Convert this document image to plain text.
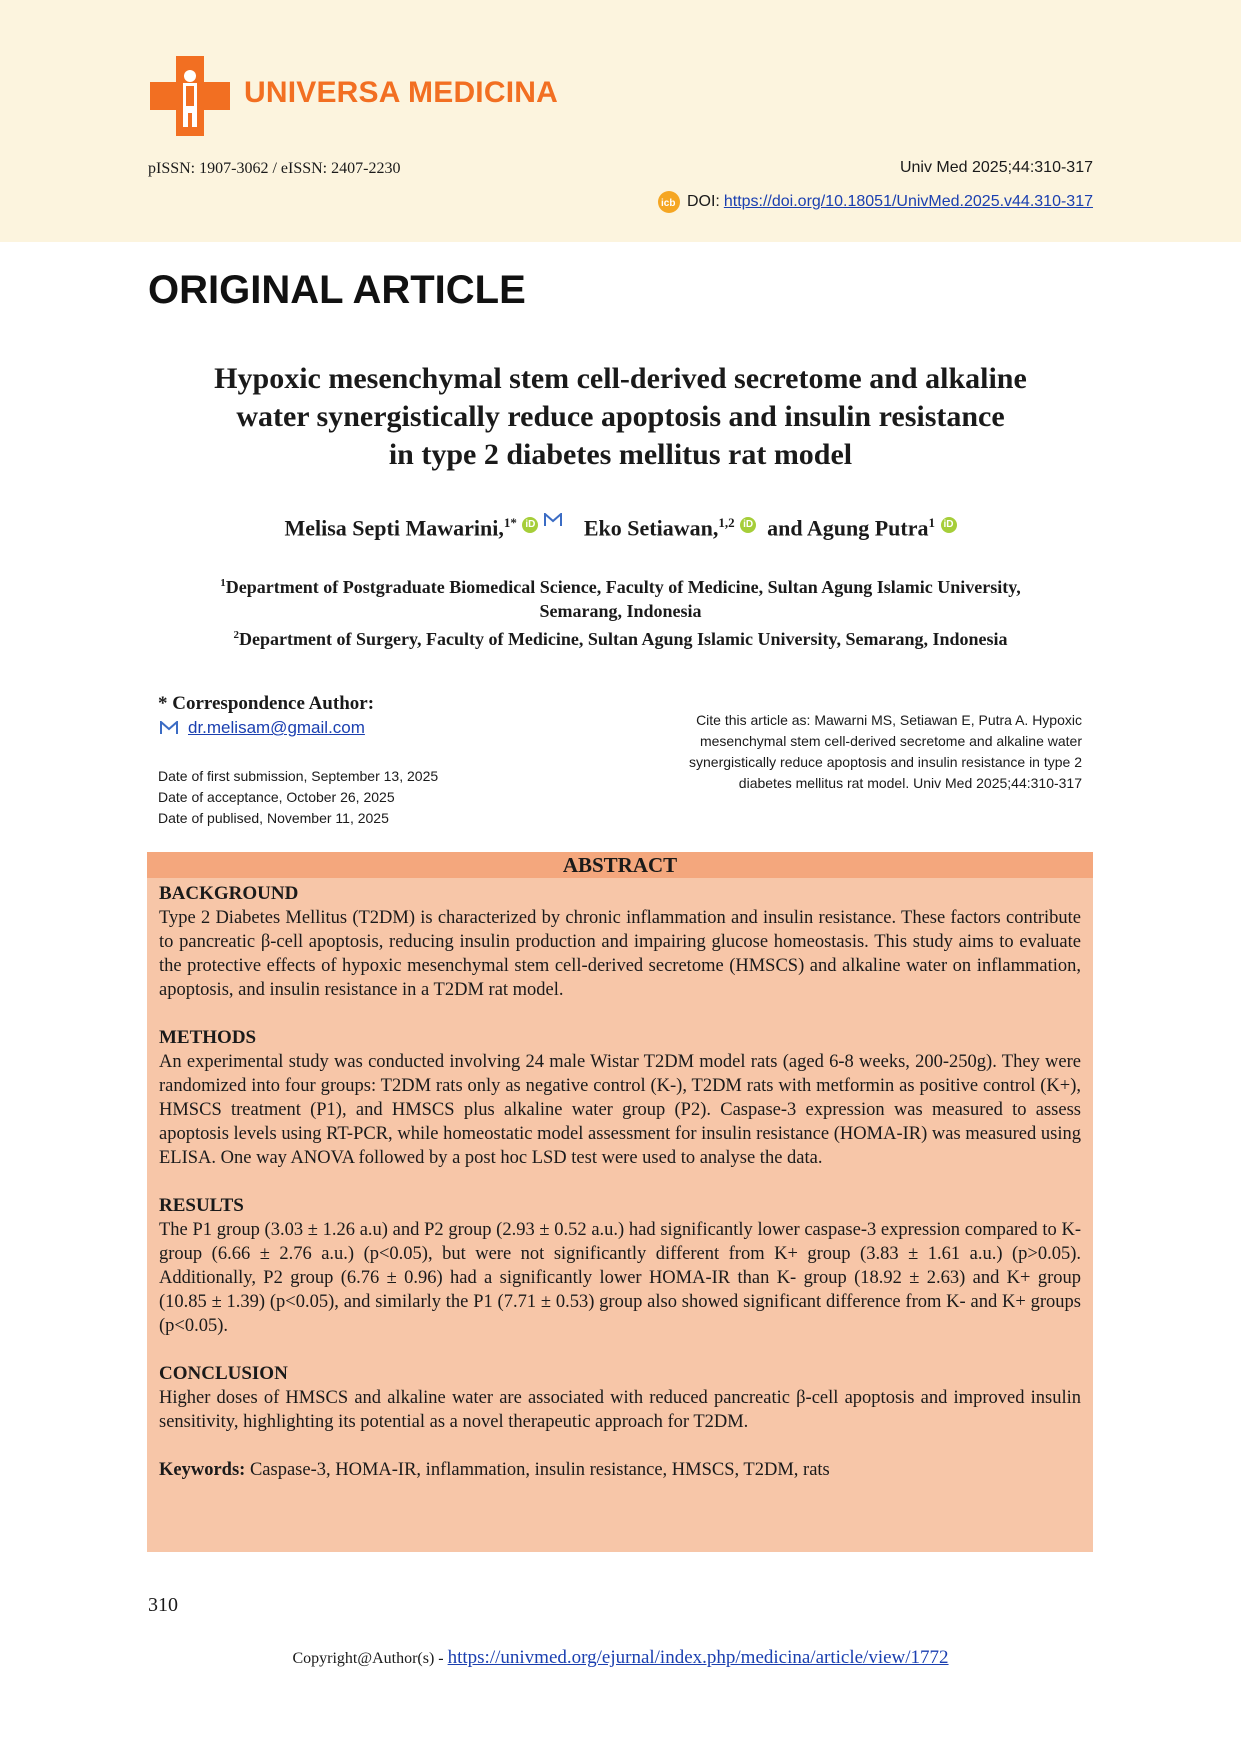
UNIVERSA MEDICINA
pISSN: 1907-3062 / eISSN: 2407-2230	Univ Med 2025;44:310-317
icb DOI: https://doi.org/10.18051/UnivMed.2025.v44.310-317
ORIGINAL ARTICLE
Hypoxic mesenchymal stem cell-derived secretome and alkaline
water synergistically reduce apoptosis and insulin resistance
in type 2 diabetes mellitus rat model
Melisa Septi Mawarini,$^{1*}$ iD Eko Setiawan,$^{1,2}$ iD and Agung Putra$^1$ iD
$^1$Department of Postgraduate Biomedical Science, Faculty of Medicine, Sultan Agung Islamic University,
Semarang, Indonesia
$^2$Department of Surgery, Faculty of Medicine, Sultan Agung Islamic University, Semarang, Indonesia
* Correspondence Author:
dr.melisam@gmail.com
Date of first submission, September 13, 2025
Date of acceptance, October 26, 2025
Date of publised, November 11, 2025
Cite this article as: Mawarni MS, Setiawan E, Putra A. Hypoxic
mesenchymal stem cell-derived secretome and alkaline water
synergistically reduce apoptosis and insulin resistance in type 2
diabetes mellitus rat model. Univ Med 2025;44:310-317
ABSTRACT
BACKGROUND

Type 2 Diabetes Mellitus (T2DM) is characterized by chronic inflammation and insulin resistance. These factors contribute to pancreatic β-cell apoptosis, reducing insulin production and impairing glucose homeostasis. This study aims to evaluate the protective effects of hypoxic mesenchymal stem cell-derived secretome (HMSCS) and alkaline water on inflammation, apoptosis, and insulin resistance in a T2DM rat model.

METHODS

An experimental study was conducted involving 24 male Wistar T2DM model rats (aged 6-8 weeks, 200-250g). They were randomized into four groups: T2DM rats only as negative control (K-), T2DM rats with metformin as positive control (K+), HMSCS treatment (P1), and HMSCS plus alkaline water group (P2). Caspase-3 expression was measured to assess apoptosis levels using RT-PCR, while homeostatic model assessment for insulin resistance (HOMA-IR) was measured using ELISA. One way ANOVA followed by a post hoc LSD test were used to analyse the data.

RESULTS

The P1 group (3.03 ± 1.26 a.u) and P2 group (2.93 ± 0.52 a.u.) had significantly lower caspase-3 expression compared to K- group (6.66 ± 2.76 a.u.) (p<0.05), but were not significantly different from K+ group (3.83 ± 1.61 a.u.) (p>0.05). Additionally, P2 group (6.76 ± 0.96) had a significantly lower HOMA-IR than K- group (18.92 ± 2.63) and K+ group (10.85 ± 1.39) (p<0.05), and similarly the P1 (7.71 ± 0.53) group also showed significant difference from K- and K+ groups (p<0.05).

CONCLUSION

Higher doses of HMSCS and alkaline water are associated with reduced pancreatic β-cell apoptosis and improved insulin sensitivity, highlighting its potential as a novel therapeutic approach for T2DM.

Keywords: Caspase-3, HOMA-IR, inflammation, insulin resistance, HMSCS, T2DM, rats
310
Copyright@Author(s) - https://univmed.org/ejurnal/index.php/medicina/article/view/1772
